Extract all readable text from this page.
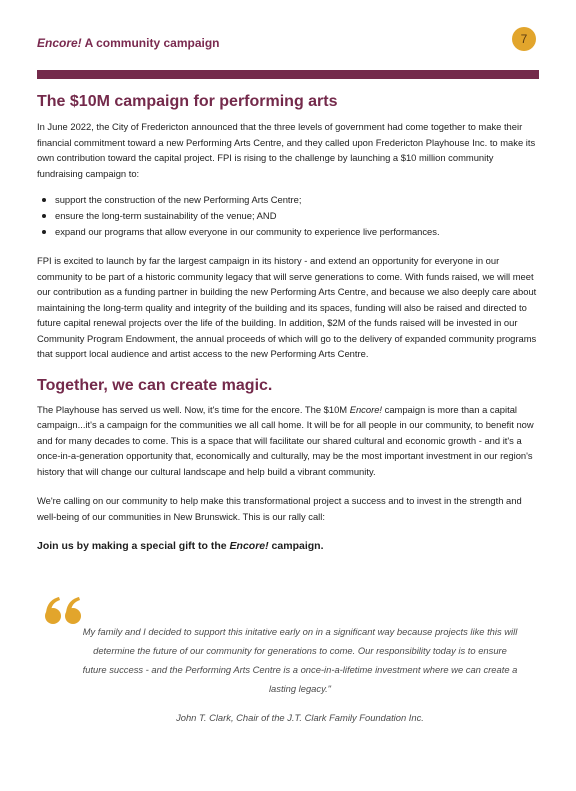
Encore! A community campaign	7
The $10M campaign for performing arts

In June 2022, the City of Fredericton announced that the three levels of government had come together to make their financial commitment toward a new Performing Arts Centre, and they called upon Fredericton Playhouse Inc. to make its own contribution toward the capital project. FPI is rising to the challenge by launching a $10 million community fundraising campaign to:

support the construction of the new Performing Arts Centre;
ensure the long-term sustainability of the venue; AND
expand our programs that allow everyone in our community to experience live performances.

FPI is excited to launch by far the largest campaign in its history - and extend an opportunity for everyone in our community to be part of a historic community legacy that will serve generations to come. With funds raised, we will meet our contribution as a funding partner in building the new Performing Arts Centre, and because we also deeply care about maintaining the long-term quality and integrity of the building and its spaces, funding will also be raised and directed to future capital renewal projects over the life of the building. In addition, $2M of the funds raised will be invested in our Community Program Endowment, the annual proceeds of which will go to the delivery of expanded community programs that support local audience and artist access to the new Performing Arts Centre.

Together, we can create magic.

The Playhouse has served us well. Now, it's time for the encore. The $10M Encore! campaign is more than a capital campaign...it's a campaign for the communities we all call home. It will be for all people in our community, to benefit now and for many decades to come. This is a space that will facilitate our shared cultural and economic growth - and it's a once-in-a-generation opportunity that, economically and culturally, may be the most important investment in our region's history that will change our cultural landscape and help build a vibrant community.

We're calling on our community to help make this transformational project a success and to invest in the strength and well-being of our communities in New Brunswick. This is our rally call:

Join us by making a special gift to the Encore! campaign.

My family and I decided to support this initative early on in a significant way because projects like this will determine the future of our community for generations to come. Our responsibility today is to ensure future success - and the Performing Arts Centre is a once-in-a-lifetime investment where we can create a lasting legacy."
John T. Clark, Chair of the J.T. Clark Family Foundation Inc.
